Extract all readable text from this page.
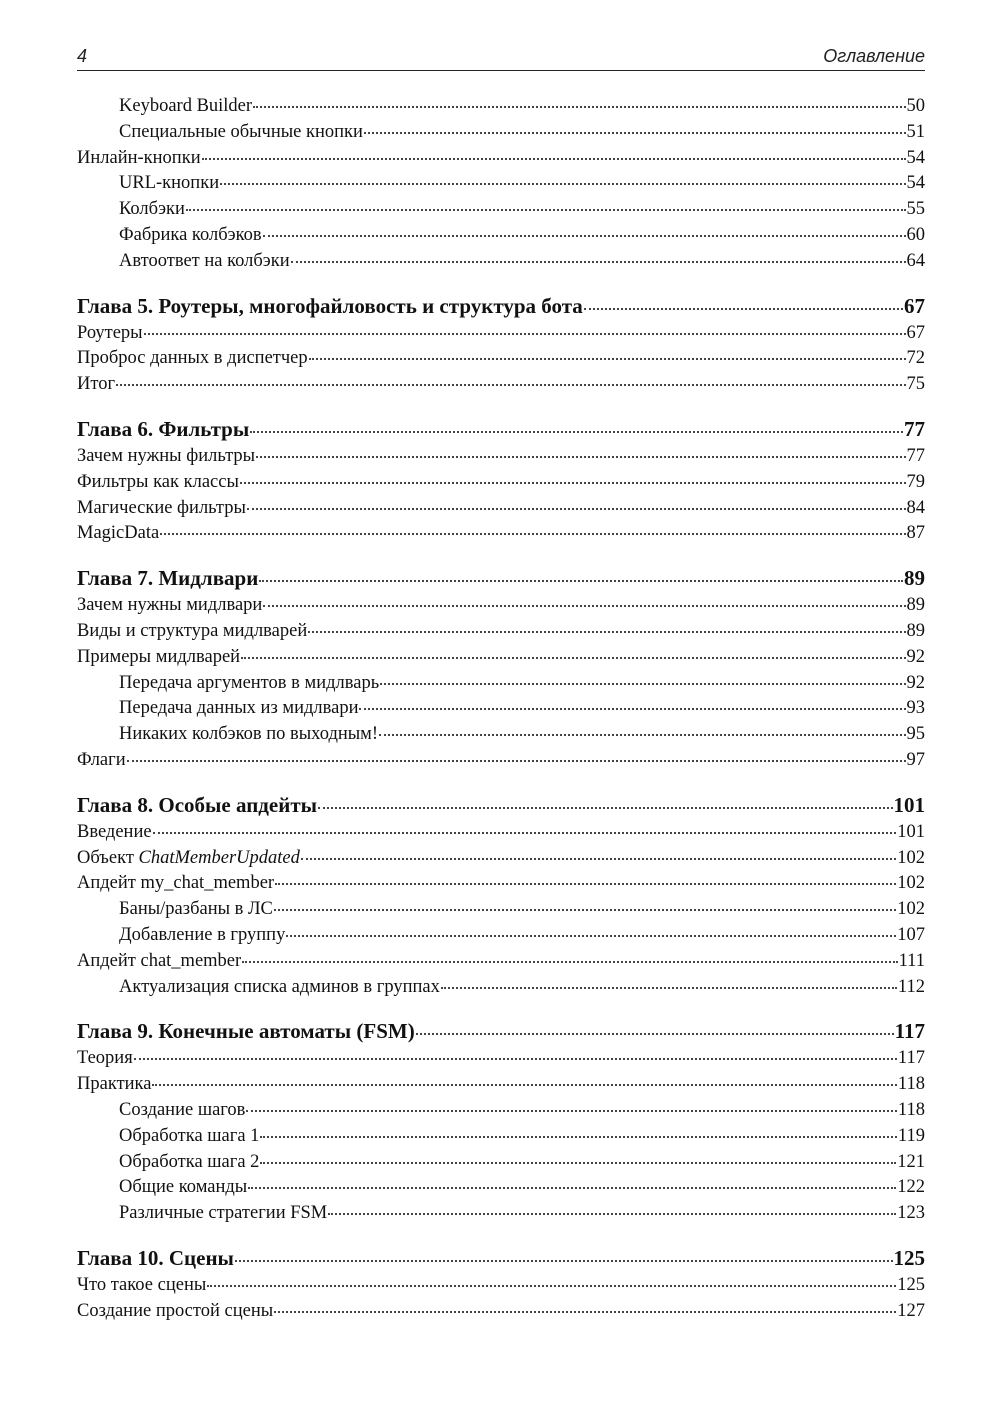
4	Оглавление
Keyboard Builder	50
Специальные обычные кнопки	51
Инлайн-кнопки	54
URL-кнопки	54
Колбэки	55
Фабрика колбэков	60
Автоответ на колбэки	64
Глава 5. Роутеры, многофайловость и структура бота	67
Роутеры	67
Проброс данных в диспетчер	72
Итог	75
Глава 6. Фильтры	77
Зачем нужны фильтры	77
Фильтры как классы	79
Магические фильтры	84
MagicData	87
Глава 7. Мидлвари	89
Зачем нужны мидлвари	89
Виды и структура мидлварей	89
Примеры мидлварей	92
Передача аргументов в мидлварь	92
Передача данных из мидлвари	93
Никаких колбэков по выходным!	95
Флаги	97
Глава 8. Особые апдейты	101
Введение	101
Объект ChatMemberUpdated	102
Апдейт my_chat_member	102
Баны/разбаны в ЛС	102
Добавление в группу	107
Апдейт chat_member	111
Актуализация списка админов в группах	112
Глава 9. Конечные автоматы (FSM)	117
Теория	117
Практика	118
Создание шагов	118
Обработка шага 1	119
Обработка шага 2	121
Общие команды	122
Различные стратегии FSM	123
Глава 10. Сцены	125
Что такое сцены	125
Создание простой сцены	127
